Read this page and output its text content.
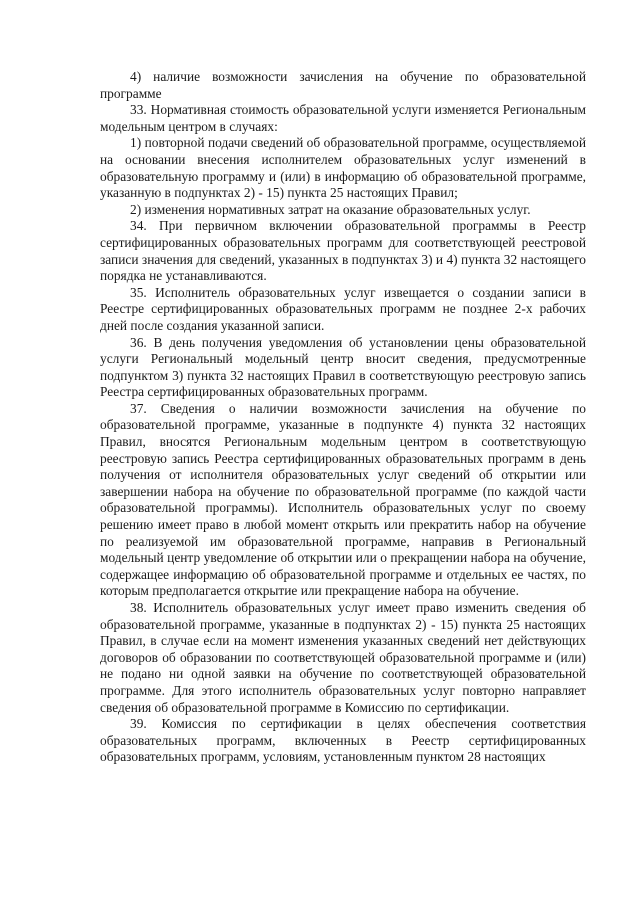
4) наличие возможности зачисления на обучение по образовательной программе

33. Нормативная стоимость образовательной услуги изменяется Региональным модельным центром в случаях:

1) повторной подачи сведений об образовательной программе, осуществляемой на основании внесения исполнителем образовательных услуг изменений в образовательную программу и (или) в информацию об образовательной программе, указанную в подпунктах 2) - 15) пункта 25 настоящих Правил;

2) изменения нормативных затрат на оказание образовательных услуг.

34. При первичном включении образовательной программы в Реестр сертифицированных образовательных программ для соответствующей реестровой записи значения для сведений, указанных в подпунктах 3) и 4) пункта 32 настоящего порядка не устанавливаются.

35. Исполнитель образовательных услуг извещается о создании записи в Реестре сертифицированных образовательных программ не позднее 2-х рабочих дней после создания указанной записи.

36. В день получения уведомления об установлении цены образовательной услуги Региональный модельный центр вносит сведения, предусмотренные подпунктом 3) пункта 32 настоящих Правил в соответствующую реестровую запись Реестра сертифицированных образовательных программ.

37. Сведения о наличии возможности зачисления на обучение по образовательной программе, указанные в подпункте 4) пункта 32 настоящих Правил, вносятся Региональным модельным центром в соответствующую реестровую запись Реестра сертифицированных образовательных программ в день получения от исполнителя образовательных услуг сведений об открытии или завершении набора на обучение по образовательной программе (по каждой части образовательной программы). Исполнитель образовательных услуг по своему решению имеет право в любой момент открыть или прекратить набор на обучение по реализуемой им образовательной программе, направив в Региональный модельный центр уведомление об открытии или о прекращении набора на обучение, содержащее информацию об образовательной программе и отдельных ее частях, по которым предполагается открытие или прекращение набора на обучение.

38. Исполнитель образовательных услуг имеет право изменить сведения об образовательной программе, указанные в подпунктах 2) - 15) пункта 25 настоящих Правил, в случае если на момент изменения указанных сведений нет действующих договоров об образовании по соответствующей образовательной программе и (или) не подано ни одной заявки на обучение по соответствующей образовательной программе. Для этого исполнитель образовательных услуг повторно направляет сведения об образовательной программе в Комиссию по сертификации.

39. Комиссия по сертификации в целях обеспечения соответствия образовательных программ, включенных в Реестр сертифицированных образовательных программ, условиям, установленным пунктом 28 настоящих
